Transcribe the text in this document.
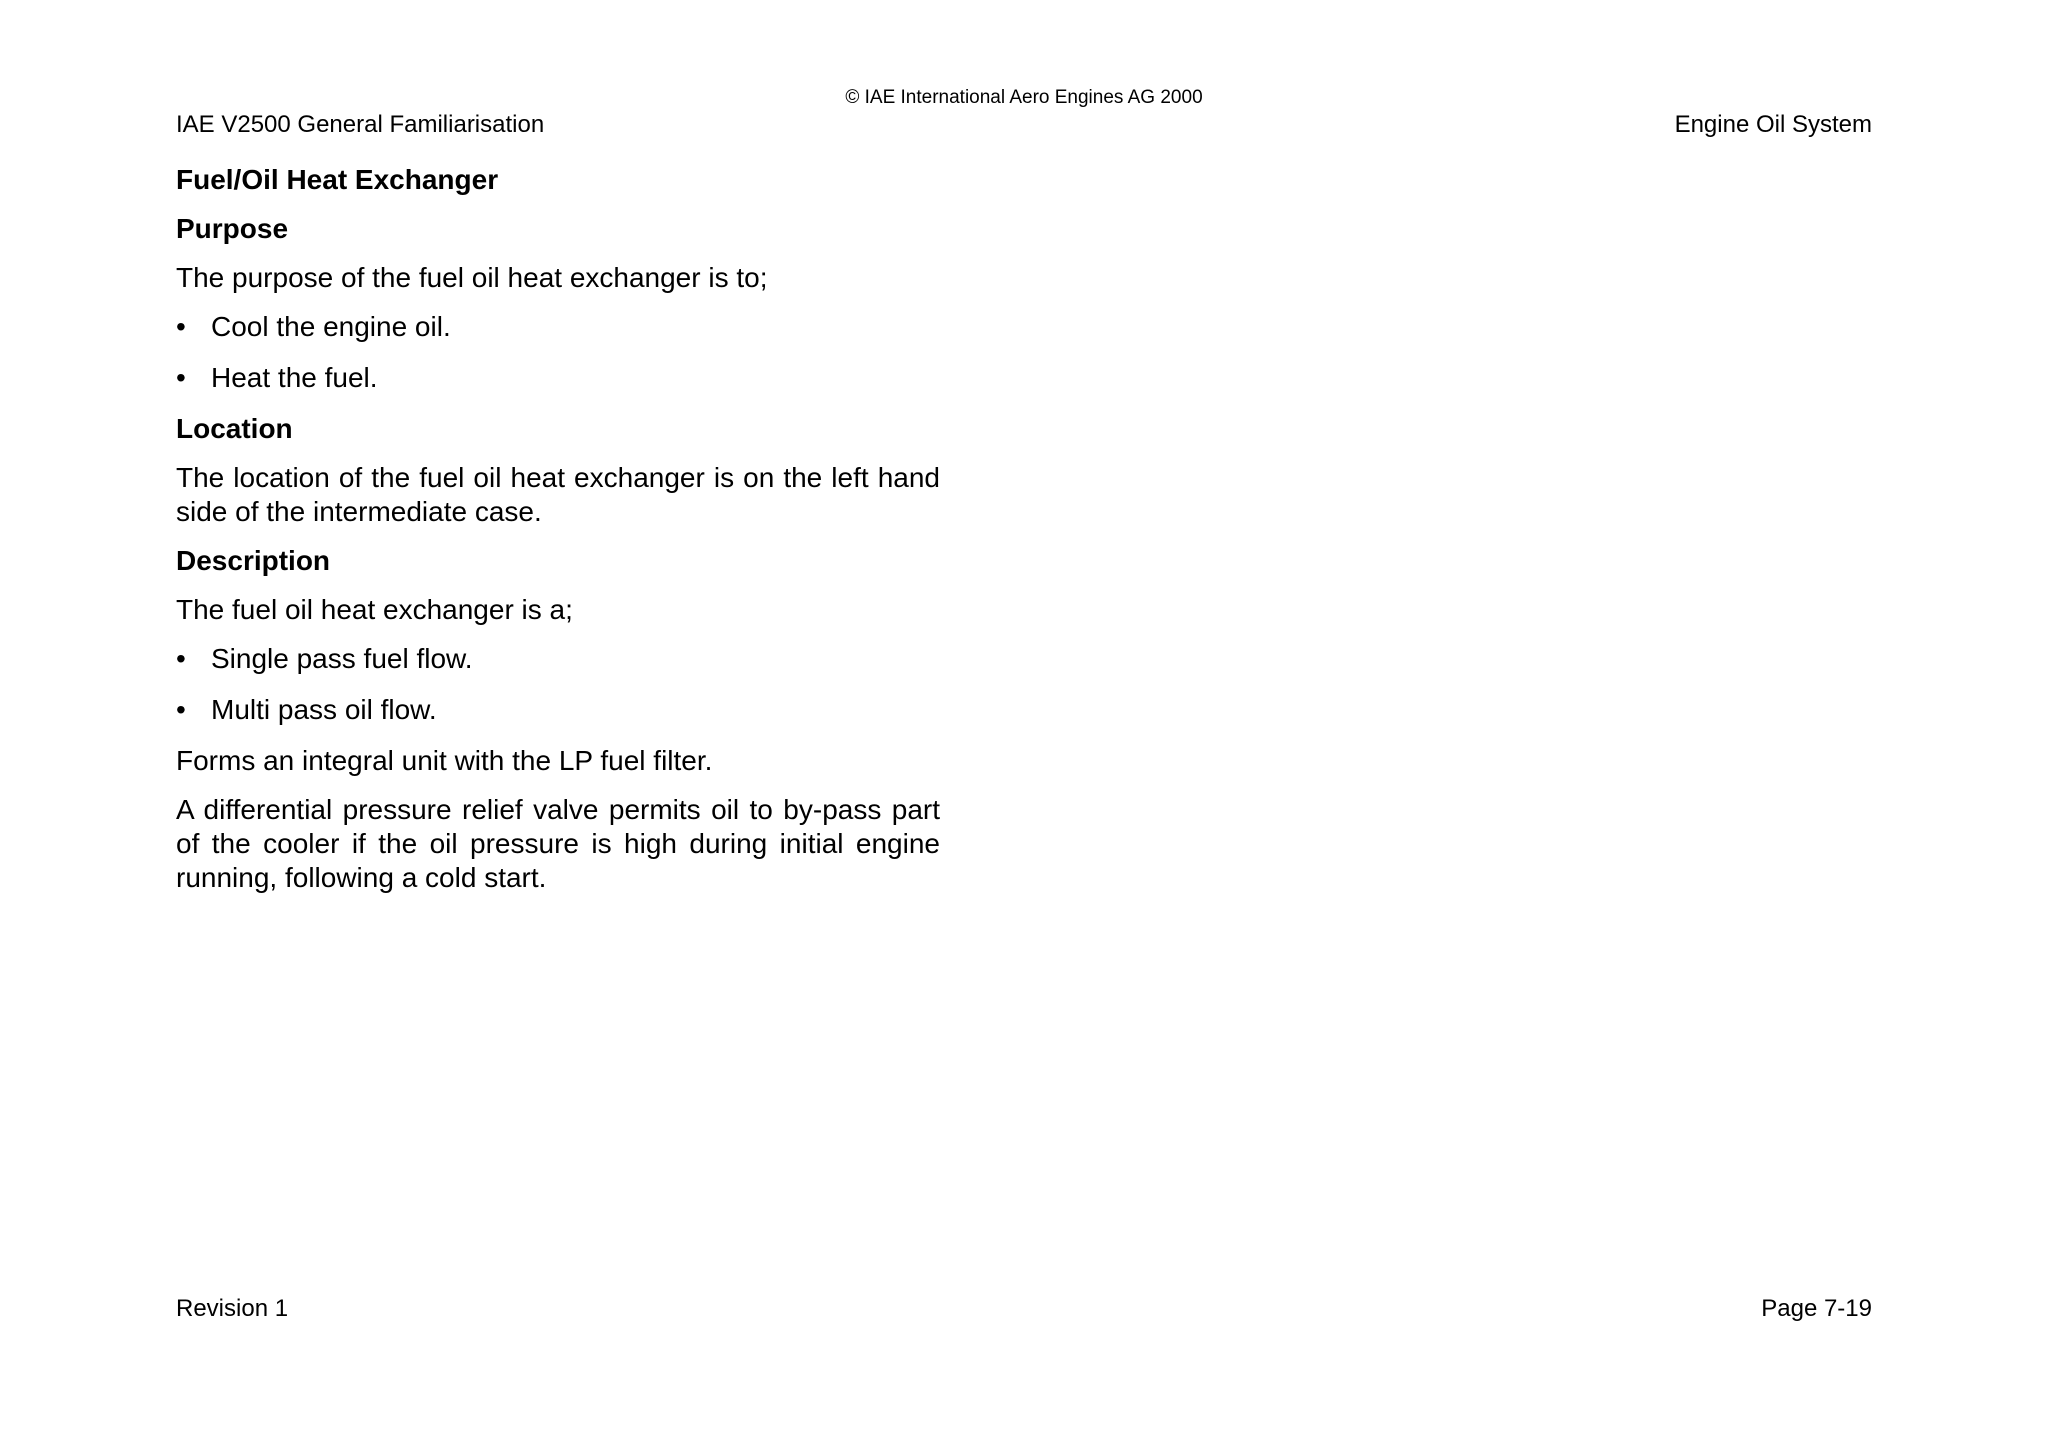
© IAE International Aero Engines AG 2000
IAE V2500 General Familiarisation	Engine Oil System
Fuel/Oil Heat Exchanger
Purpose

The purpose of the fuel oil heat exchanger is to;

• Cool the engine oil.
• Heat the fuel.
Location

The location of the fuel oil heat exchanger is on the left hand side of the intermediate case.

Description

The fuel oil heat exchanger is a;

• Single pass fuel flow.
• Multi pass oil flow.

Forms an integral unit with the LP fuel filter.

A differential pressure relief valve permits oil to by-pass part of the cooler if the oil pressure is high during initial engine running, following a cold start.

Revision 1	Page 7-19
